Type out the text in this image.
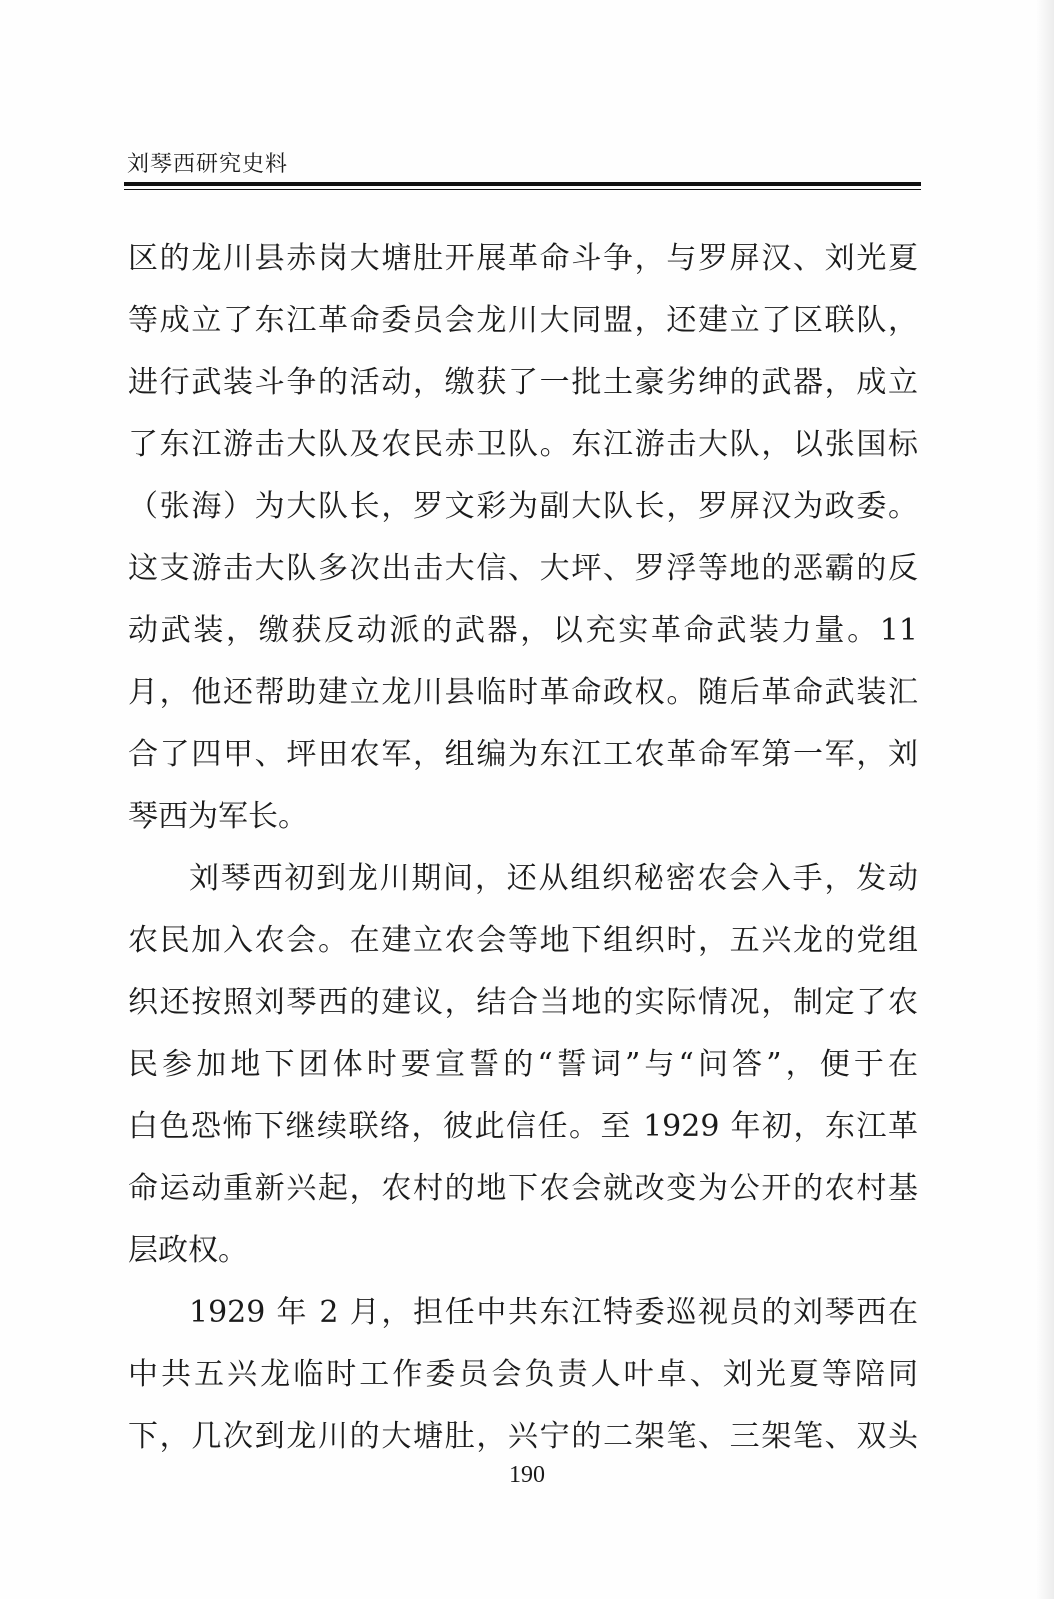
刘琴西研究史料
区的龙川县赤岗大塘肚开展革命斗争，与罗屏汉、刘光夏
等成立了东江革命委员会龙川大同盟，还建立了区联队，
进行武装斗争的活动，缴获了一批土豪劣绅的武器，成立
了东江游击大队及农民赤卫队。东江游击大队，以张国标
（张海）为大队长，罗文彩为副大队长，罗屏汉为政委。
这支游击大队多次出击大信、大坪、罗浮等地的恶霸的反
动武装，缴获反动派的武器，以充实革命武装力量。11
月，他还帮助建立龙川县临时革命政权。随后革命武装汇
合了四甲、坪田农军，组编为东江工农革命军第一军，刘
琴西为军长。
刘琴西初到龙川期间，还从组织秘密农会入手，发动
农民加入农会。在建立农会等地下组织时，五兴龙的党组
织还按照刘琴西的建议，结合当地的实际情况，制定了农
民参加地下团体时要宣誓的“誓词”与“问答”，便于在
白色恐怖下继续联络，彼此信任。至 1929 年初，东江革
命运动重新兴起，农村的地下农会就改变为公开的农村基
层政权。
1929 年 2 月，担任中共东江特委巡视员的刘琴西在
中共五兴龙临时工作委员会负责人叶卓、刘光夏等陪同
下，几次到龙川的大塘肚，兴宁的二架笔、三架笔、双头
190
